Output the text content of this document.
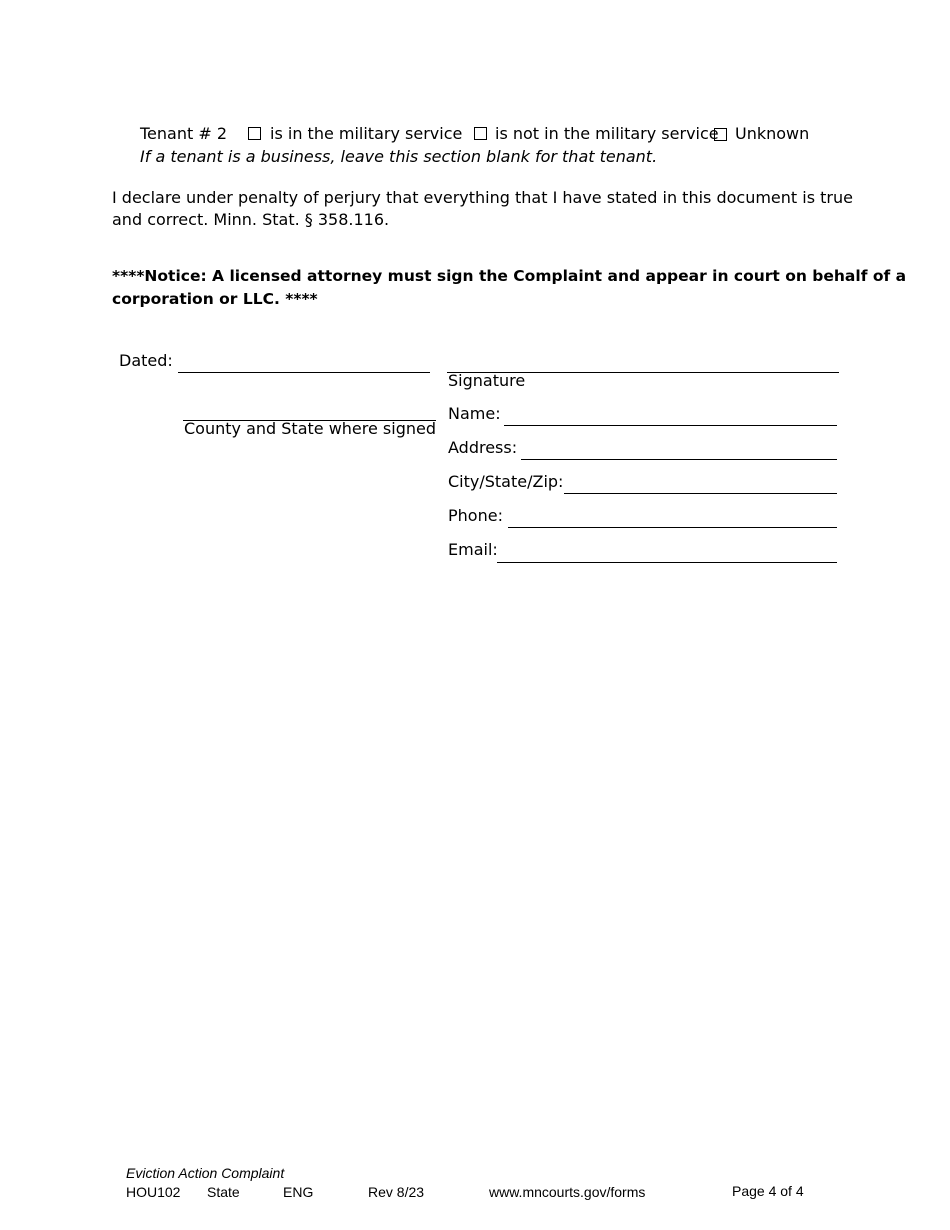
Tenant # 2	is in the military service is not in the military service Unknown
If a tenant is a business, leave this section blank for that tenant.
I declare under penalty of perjury that everything that I have stated in this document is true
and correct. Minn. Stat. § 358.116.
****Notice: A licensed attorney must sign the Complaint and appear in court on behalf of a
corporation or LLC. ****
Dated:
County and State where signed
Signature
Name:
Address:
City/State/Zip:
Phone:
Email:
Eviction Action Complaint
HOU102 State	ENG	Rev 8/23	www.mncourts.gov/forms	Page 4 of 4
